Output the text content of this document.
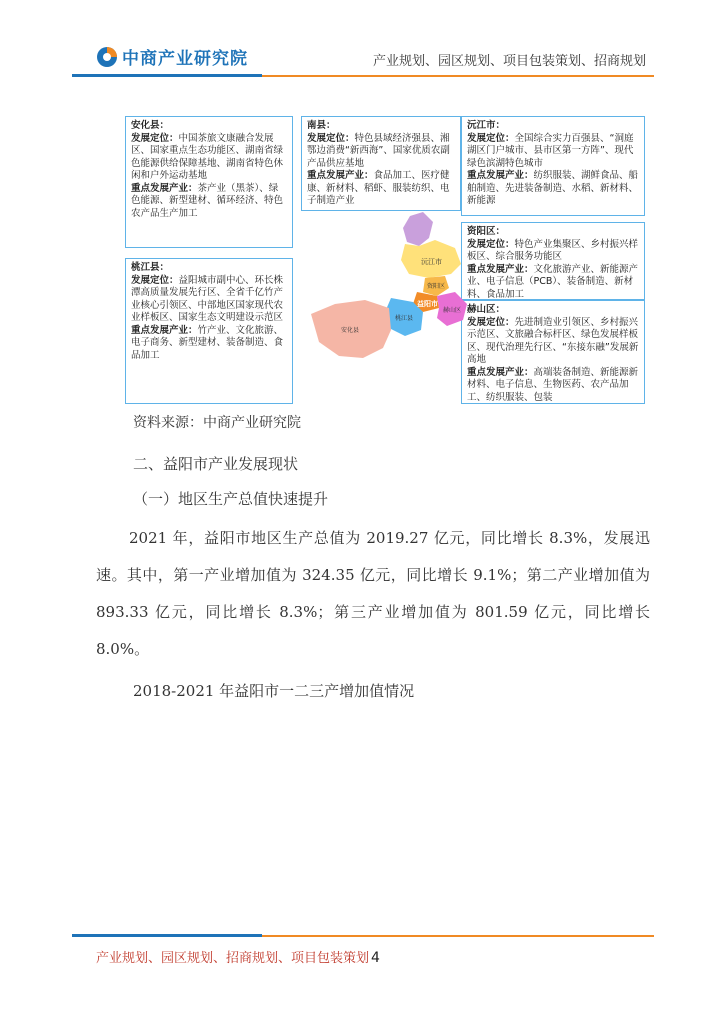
中商产业研究院	产业规划、园区规划、项目包装策划、招商规划
安化县：
发展定位：中国茶旅文康融合发展区、国家重点生态功能区、湖南省绿色能源供给保障基地、湖南省特色休闲和户外运动基地
重点发展产业：茶产业（黑茶）、绿色能源、新型建材、循环经济、特色农产品生产加工
南县：
发展定位：特色县域经济强县、湘鄂边消费“新西海”、国家优质农副产品供应基地
重点发展产业：食品加工、医疗健康、新材料、稻虾、服装纺织、电子制造产业
沅江市：
发展定位：全国综合实力百强县、“洞庭湖区门户城市、县市区第一方阵”、现代绿色滨湖特色城市
重点发展产业：纺织服装、湖鲜食品、船舶制造、先进装备制造、水稻、新材料、新能源
桃江县：
发展定位：益阳城市副中心、环长株潭高质量发展先行区、全省千亿竹产业核心引领区、中部地区国家现代农业样板区、国家生态文明建设示范区
重点发展产业：竹产业、文化旅游、电子商务、新型建材、装备制造、食品加工
资阳区：
发展定位：特色产业集聚区、乡村振兴样板区、综合服务功能区
重点发展产业：文化旅游产业、新能源产业、电子信息（PCB）、装备制造、新材料、食品加工
赫山区：
发展定位：先进制造业引领区、乡村振兴示范区、文旅融合标杆区、绿色发展样板区、现代治理先行区、“东接东融”发展新高地
重点发展产业：高端装备制造、新能源新材料、电子信息、生物医药、农产品加工、纺织服装、包装
沅江市
资阳区
益阳市
赫山区
桃江县
安化县
资料来源：中商产业研究院
二、益阳市产业发展现状
（一）地区生产总值快速提升
2021 年，益阳市地区生产总值为 2019.27 亿元，同比增长 8.3%，发展迅速。其中，第一产业增加值为 324.35 亿元，同比增长 9.1%；第二产业增加值为 893.33 亿元，同比增长 8.3%；第三产业增加值为 801.59 亿元，同比增长 8.0%。
2018-2021 年益阳市一二三产增加值情况
产业规划、园区规划、招商规划、项目包装策划 4
